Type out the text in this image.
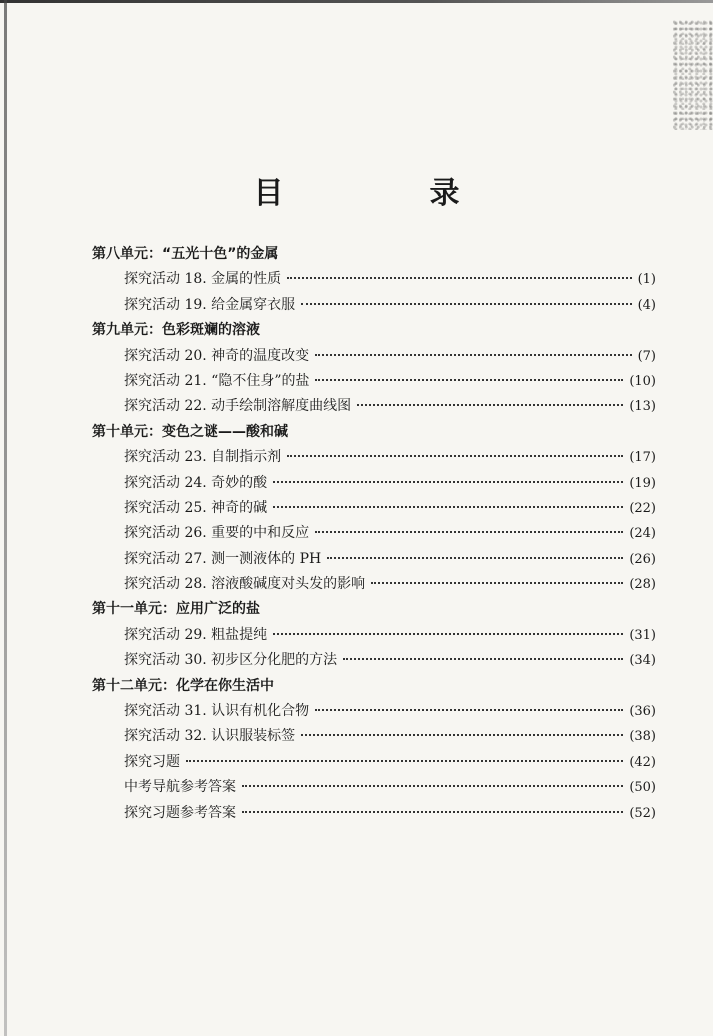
目　录
第八单元：“五光十色”的金属
探究活动 18. 金属的性质	(1)
探究活动 19. 给金属穿衣服	(4)
第九单元：色彩斑斓的溶液
探究活动 20. 神奇的温度改变	(7)
探究活动 21. “隐不住身”的盐	(10)
探究活动 22. 动手绘制溶解度曲线图	(13)
第十单元：变色之谜——酸和碱
探究活动 23. 自制指示剂	(17)
探究活动 24. 奇妙的酸	(19)
探究活动 25. 神奇的碱	(22)
探究活动 26. 重要的中和反应	(24)
探究活动 27. 测一测液体的 PH	(26)
探究活动 28. 溶液酸碱度对头发的影响	(28)
第十一单元：应用广泛的盐
探究活动 29. 粗盐提纯	(31)
探究活动 30. 初步区分化肥的方法	(34)
第十二单元：化学在你生活中
探究活动 31. 认识有机化合物	(36)
探究活动 32. 认识服装标签	(38)
探究习题	(42)
中考导航参考答案	(50)
探究习题参考答案	(52)
